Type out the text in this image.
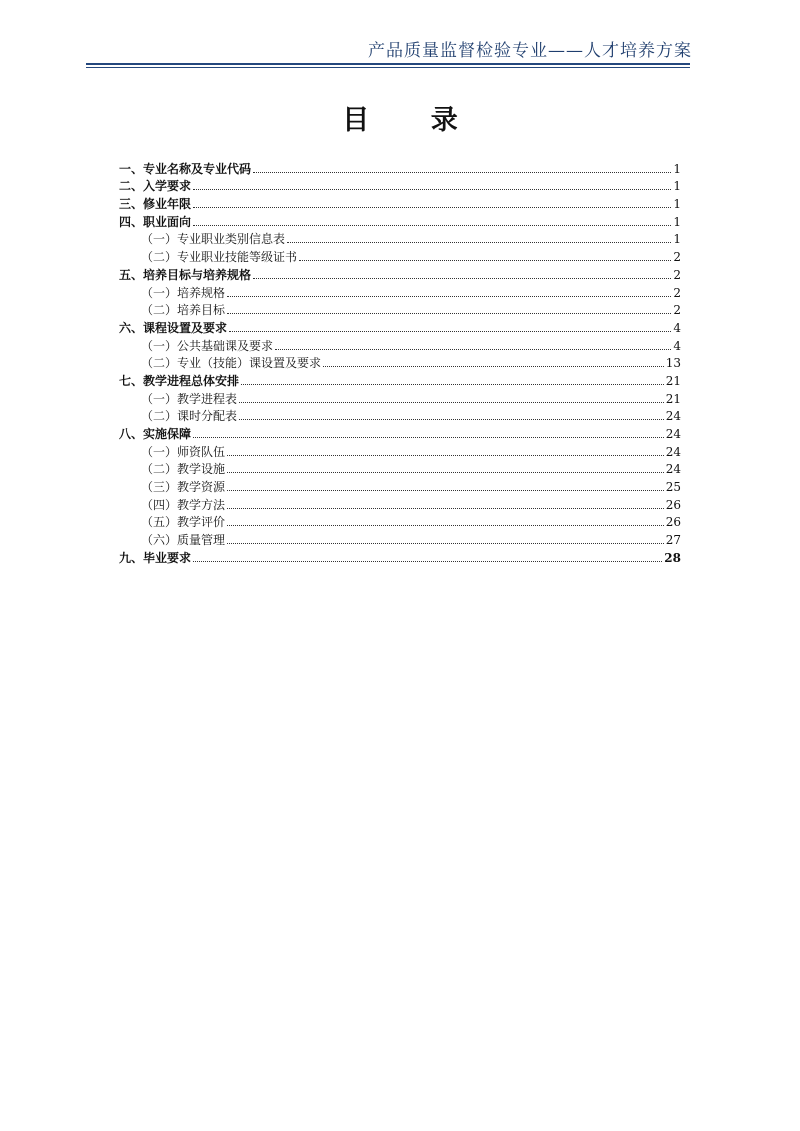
产品质量监督检验专业——人才培养方案
目 录
一、专业名称及专业代码	1
二、入学要求	1
三、修业年限	1
四、职业面向	1
（一）专业职业类别信息表	1
（二）专业职业技能等级证书	2
五、培养目标与培养规格	2
（一）培养规格	2
（二）培养目标	2
六、课程设置及要求	4
（一）公共基础课及要求	4
（二）专业（技能）课设置及要求	13
七、教学进程总体安排	21
（一）教学进程表	21
（二）课时分配表	24
八、实施保障	24
（一）师资队伍	24
（二）教学设施	24
（三）教学资源	25
（四）教学方法	26
（五）教学评价	26
（六）质量管理	27
九、毕业要求	28
